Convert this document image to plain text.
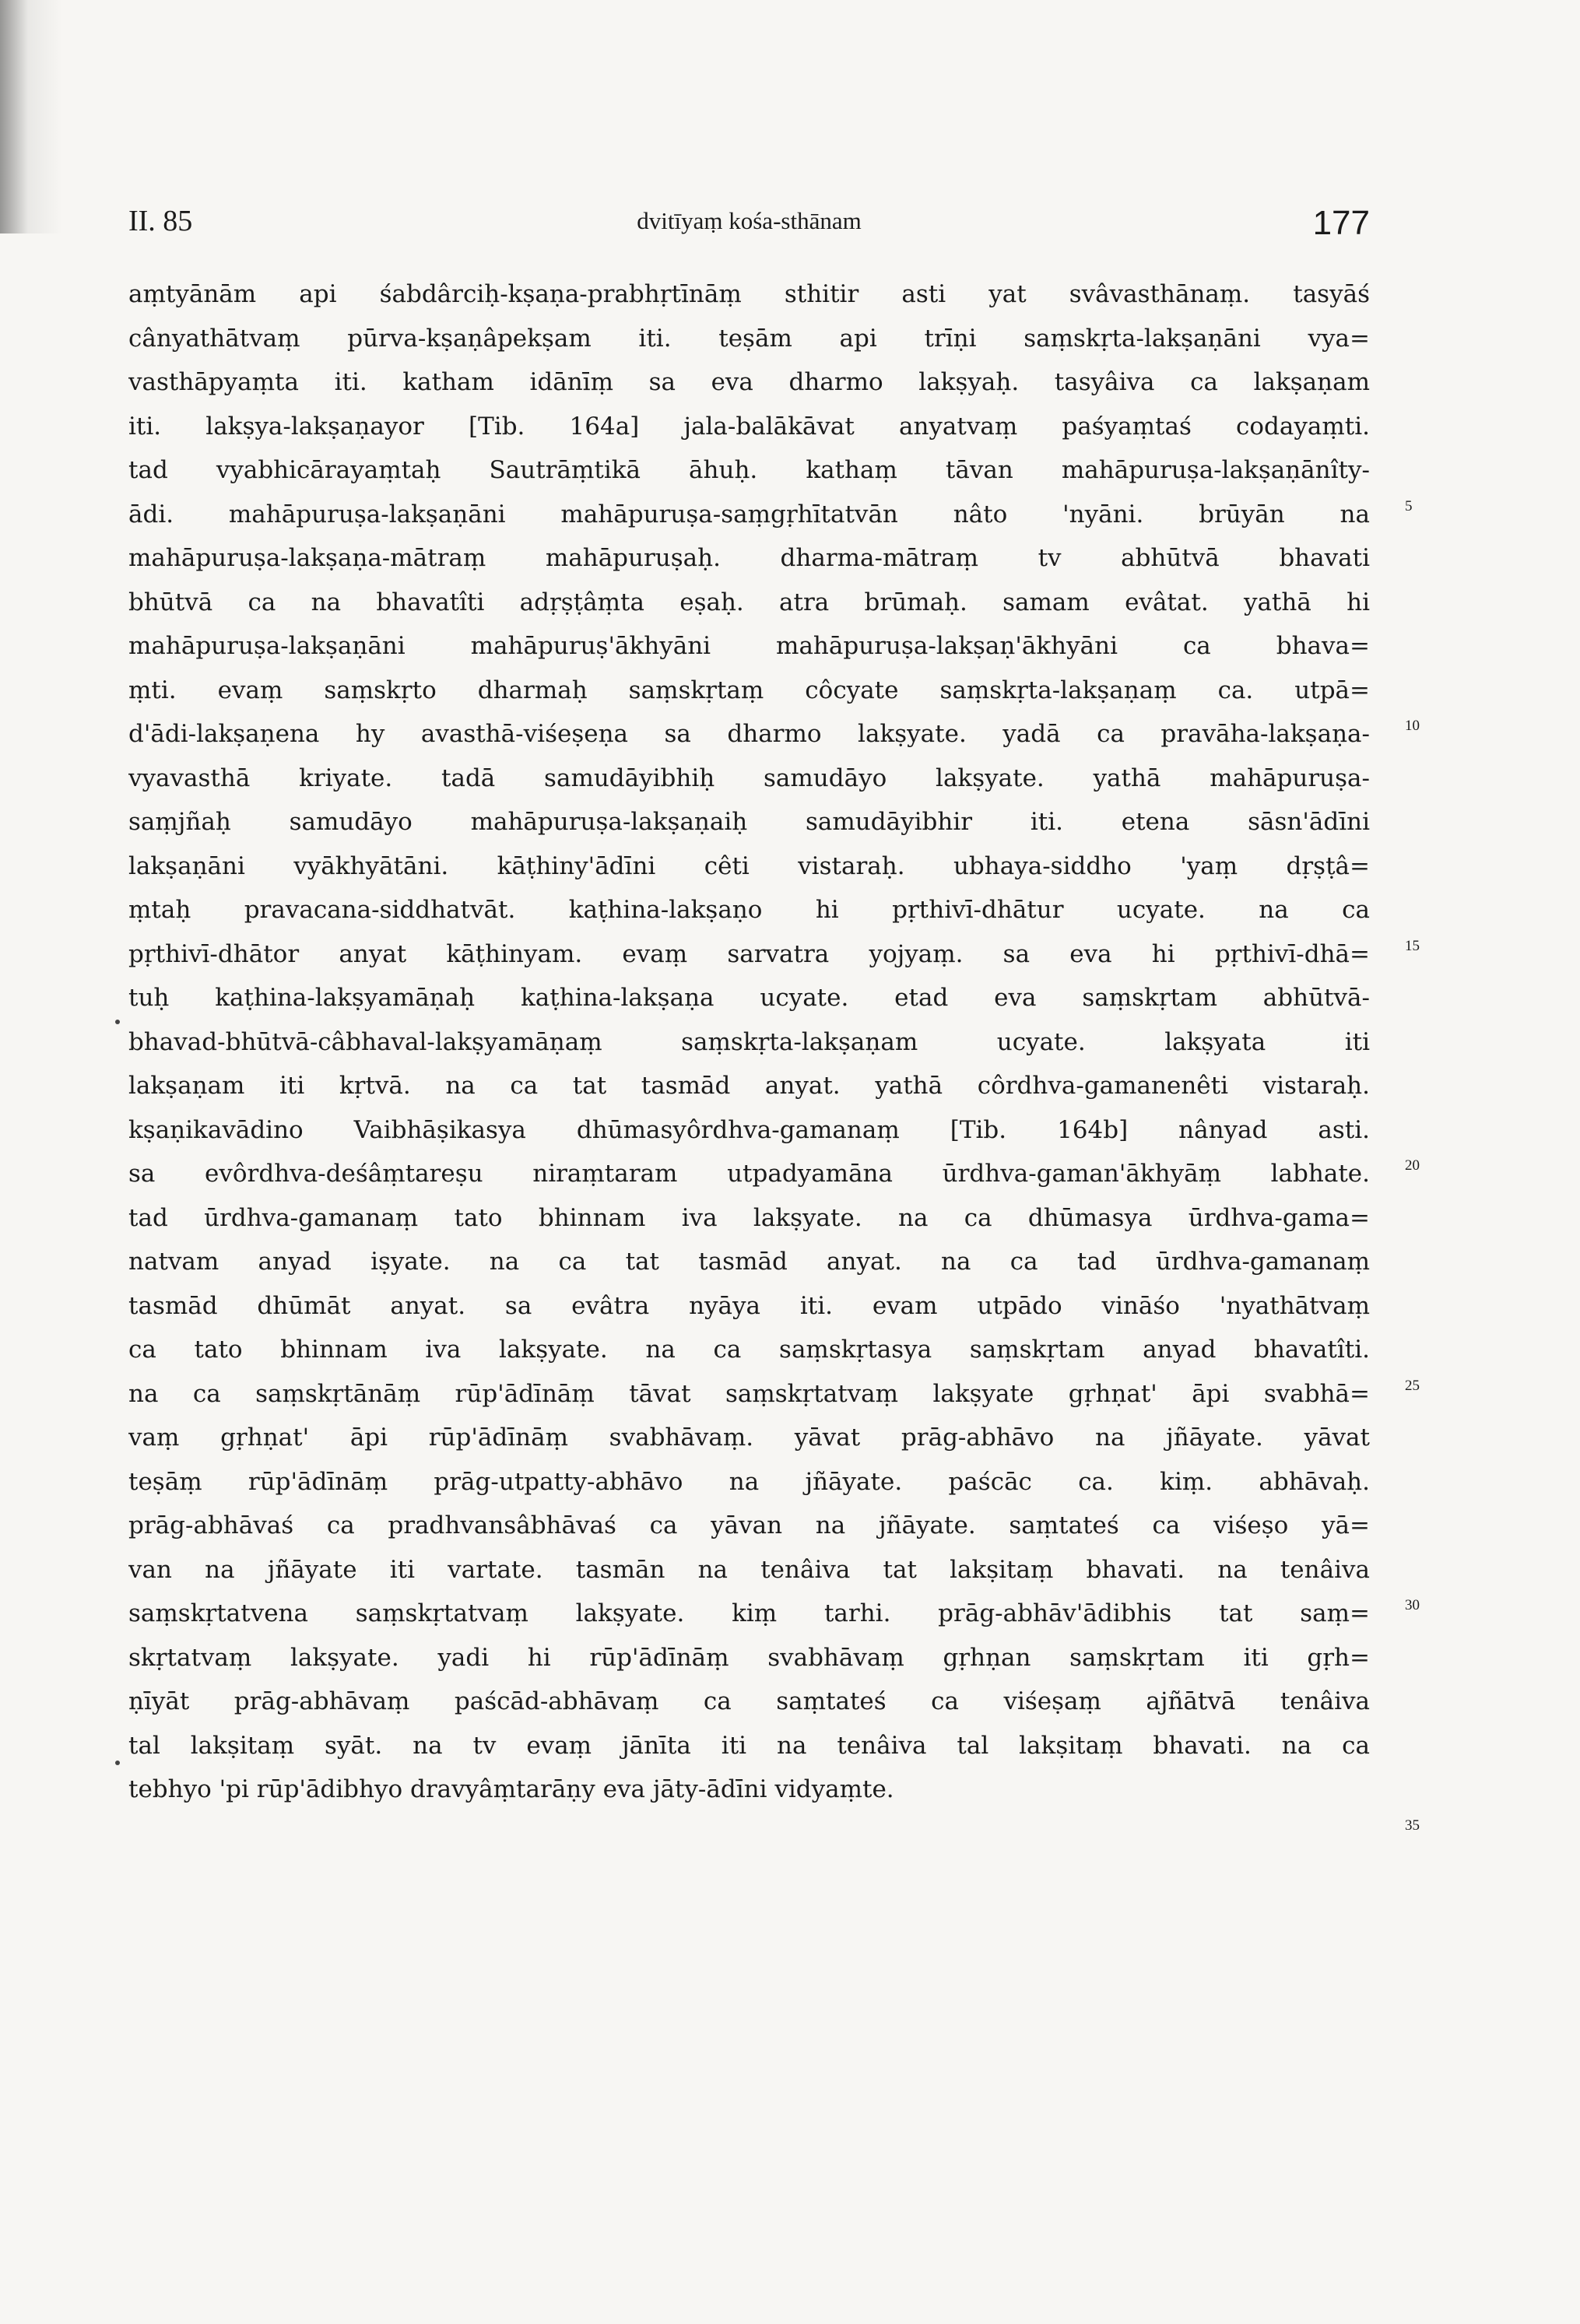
II. 85	dvitīyaṃ kośa-sthānam	177
aṃtyānām api śabdârciḥ-kṣaṇa-prabhṛtīnāṃ sthitir asti yat svâvasthānaṃ. tasyāś
cânyathātvaṃ pūrva-kṣaṇâpekṣam iti. teṣām api trīṇi saṃskṛta-lakṣaṇāni vya=
vasthāpyaṃta iti. katham idānīṃ sa eva dharmo lakṣyaḥ. tasyâiva ca lakṣaṇam
iti. lakṣya-lakṣaṇayor [Tib. 164a] jala-balākāvat anyatvaṃ paśyaṃtaś codayaṃti.
tad vyabhicārayaṃtaḥ Sautrāṃtikā āhuḥ. kathaṃ tāvan mahāpuruṣa-lakṣaṇānîty-
ādi. mahāpuruṣa-lakṣaṇāni mahāpuruṣa-saṃgṛhītatvān nâto 'nyāni. brūyān na
mahāpuruṣa-lakṣaṇa-mātraṃ mahāpuruṣaḥ. dharma-mātraṃ tv abhūtvā bhavati
bhūtvā ca na bhavatîti adṛṣṭâṃta eṣaḥ. atra brūmaḥ. samam evâtat. yathā hi
mahāpuruṣa-lakṣaṇāni mahāpuruṣ'ākhyāni mahāpuruṣa-lakṣaṇ'ākhyāni ca bhava=
ṃti. evaṃ saṃskṛto dharmaḥ saṃskṛtaṃ côcyate saṃskṛta-lakṣaṇaṃ ca. utpā=
d'ādi-lakṣaṇena hy avasthā-viśeṣeṇa sa dharmo lakṣyate. yadā ca pravāha-lakṣaṇa-
vyavasthā kriyate. tadā samudāyibhiḥ samudāyo lakṣyate. yathā mahāpuruṣa-
saṃjñaḥ samudāyo mahāpuruṣa-lakṣaṇaiḥ samudāyibhir iti. etena sāsn'ādīni
lakṣaṇāni vyākhyātāni. kāṭhiny'ādīni cêti vistaraḥ. ubhaya-siddho 'yaṃ dṛṣṭâ=
ṃtaḥ pravacana-siddhatvāt. kaṭhina-lakṣaṇo hi pṛthivī-dhātur ucyate. na ca
pṛthivī-dhātor anyat kāṭhinyam. evaṃ sarvatra yojyaṃ. sa eva hi pṛthivī-dhā=
tuḥ kaṭhina-lakṣyamāṇaḥ kaṭhina-lakṣaṇa ucyate. etad eva saṃskṛtam abhūtvā-
bhavad-bhūtvā-câbhaval-lakṣyamāṇaṃ saṃskṛta-lakṣaṇam ucyate. lakṣyata iti
lakṣaṇam iti kṛtvā. na ca tat tasmād anyat. yathā côrdhva-gamanenêti vistaraḥ.
kṣaṇikavādino Vaibhāṣikasya dhūmasyôrdhva-gamanaṃ [Tib. 164b] nânyad asti.
sa evôrdhva-deśâṃtareṣu niraṃtaram utpadyamāna ūrdhva-gaman'ākhyāṃ labhate.
tad ūrdhva-gamanaṃ tato bhinnam iva lakṣyate. na ca dhūmasya ūrdhva-gama=
natvam anyad iṣyate. na ca tat tasmād anyat. na ca tad ūrdhva-gamanaṃ
tasmād dhūmāt anyat. sa evâtra nyāya iti. evam utpādo vināśo 'nyathātvaṃ
ca tato bhinnam iva lakṣyate. na ca saṃskṛtasya saṃskṛtam anyad bhavatîti.
na ca saṃskṛtānāṃ rūp'ādīnāṃ tāvat saṃskṛtatvaṃ lakṣyate gṛhṇat' āpi svabhā=
vaṃ gṛhṇat' āpi rūp'ādīnāṃ svabhāvaṃ. yāvat prāg-abhāvo na jñāyate. yāvat
teṣāṃ rūp'ādīnāṃ prāg-utpatty-abhāvo na jñāyate. paścāc ca. kiṃ. abhāvaḥ.
prāg-abhāvaś ca pradhvansâbhāvaś ca yāvan na jñāyate. saṃtateś ca viśeṣo yā=
van na jñāyate iti vartate. tasmān na tenâiva tat lakṣitaṃ bhavati. na tenâiva
saṃskṛtatvena saṃskṛtatvaṃ lakṣyate. kiṃ tarhi. prāg-abhāv'ādibhis tat saṃ=
skṛtatvaṃ lakṣyate. yadi hi rūp'ādīnāṃ svabhāvaṃ gṛhṇan saṃskṛtam iti gṛh=
ṇīyāt prāg-abhāvaṃ paścād-abhāvaṃ ca saṃtateś ca viśeṣaṃ ajñātvā tenâiva
tal lakṣitaṃ syāt. na tv evaṃ jānīta iti na tenâiva tal lakṣitaṃ bhavati. na ca
tebhyo 'pi rūp'ādibhyo dravyâṃtarāṇy eva jāty-ādīni vidyaṃte.
5
10
15
20
25
30
35
